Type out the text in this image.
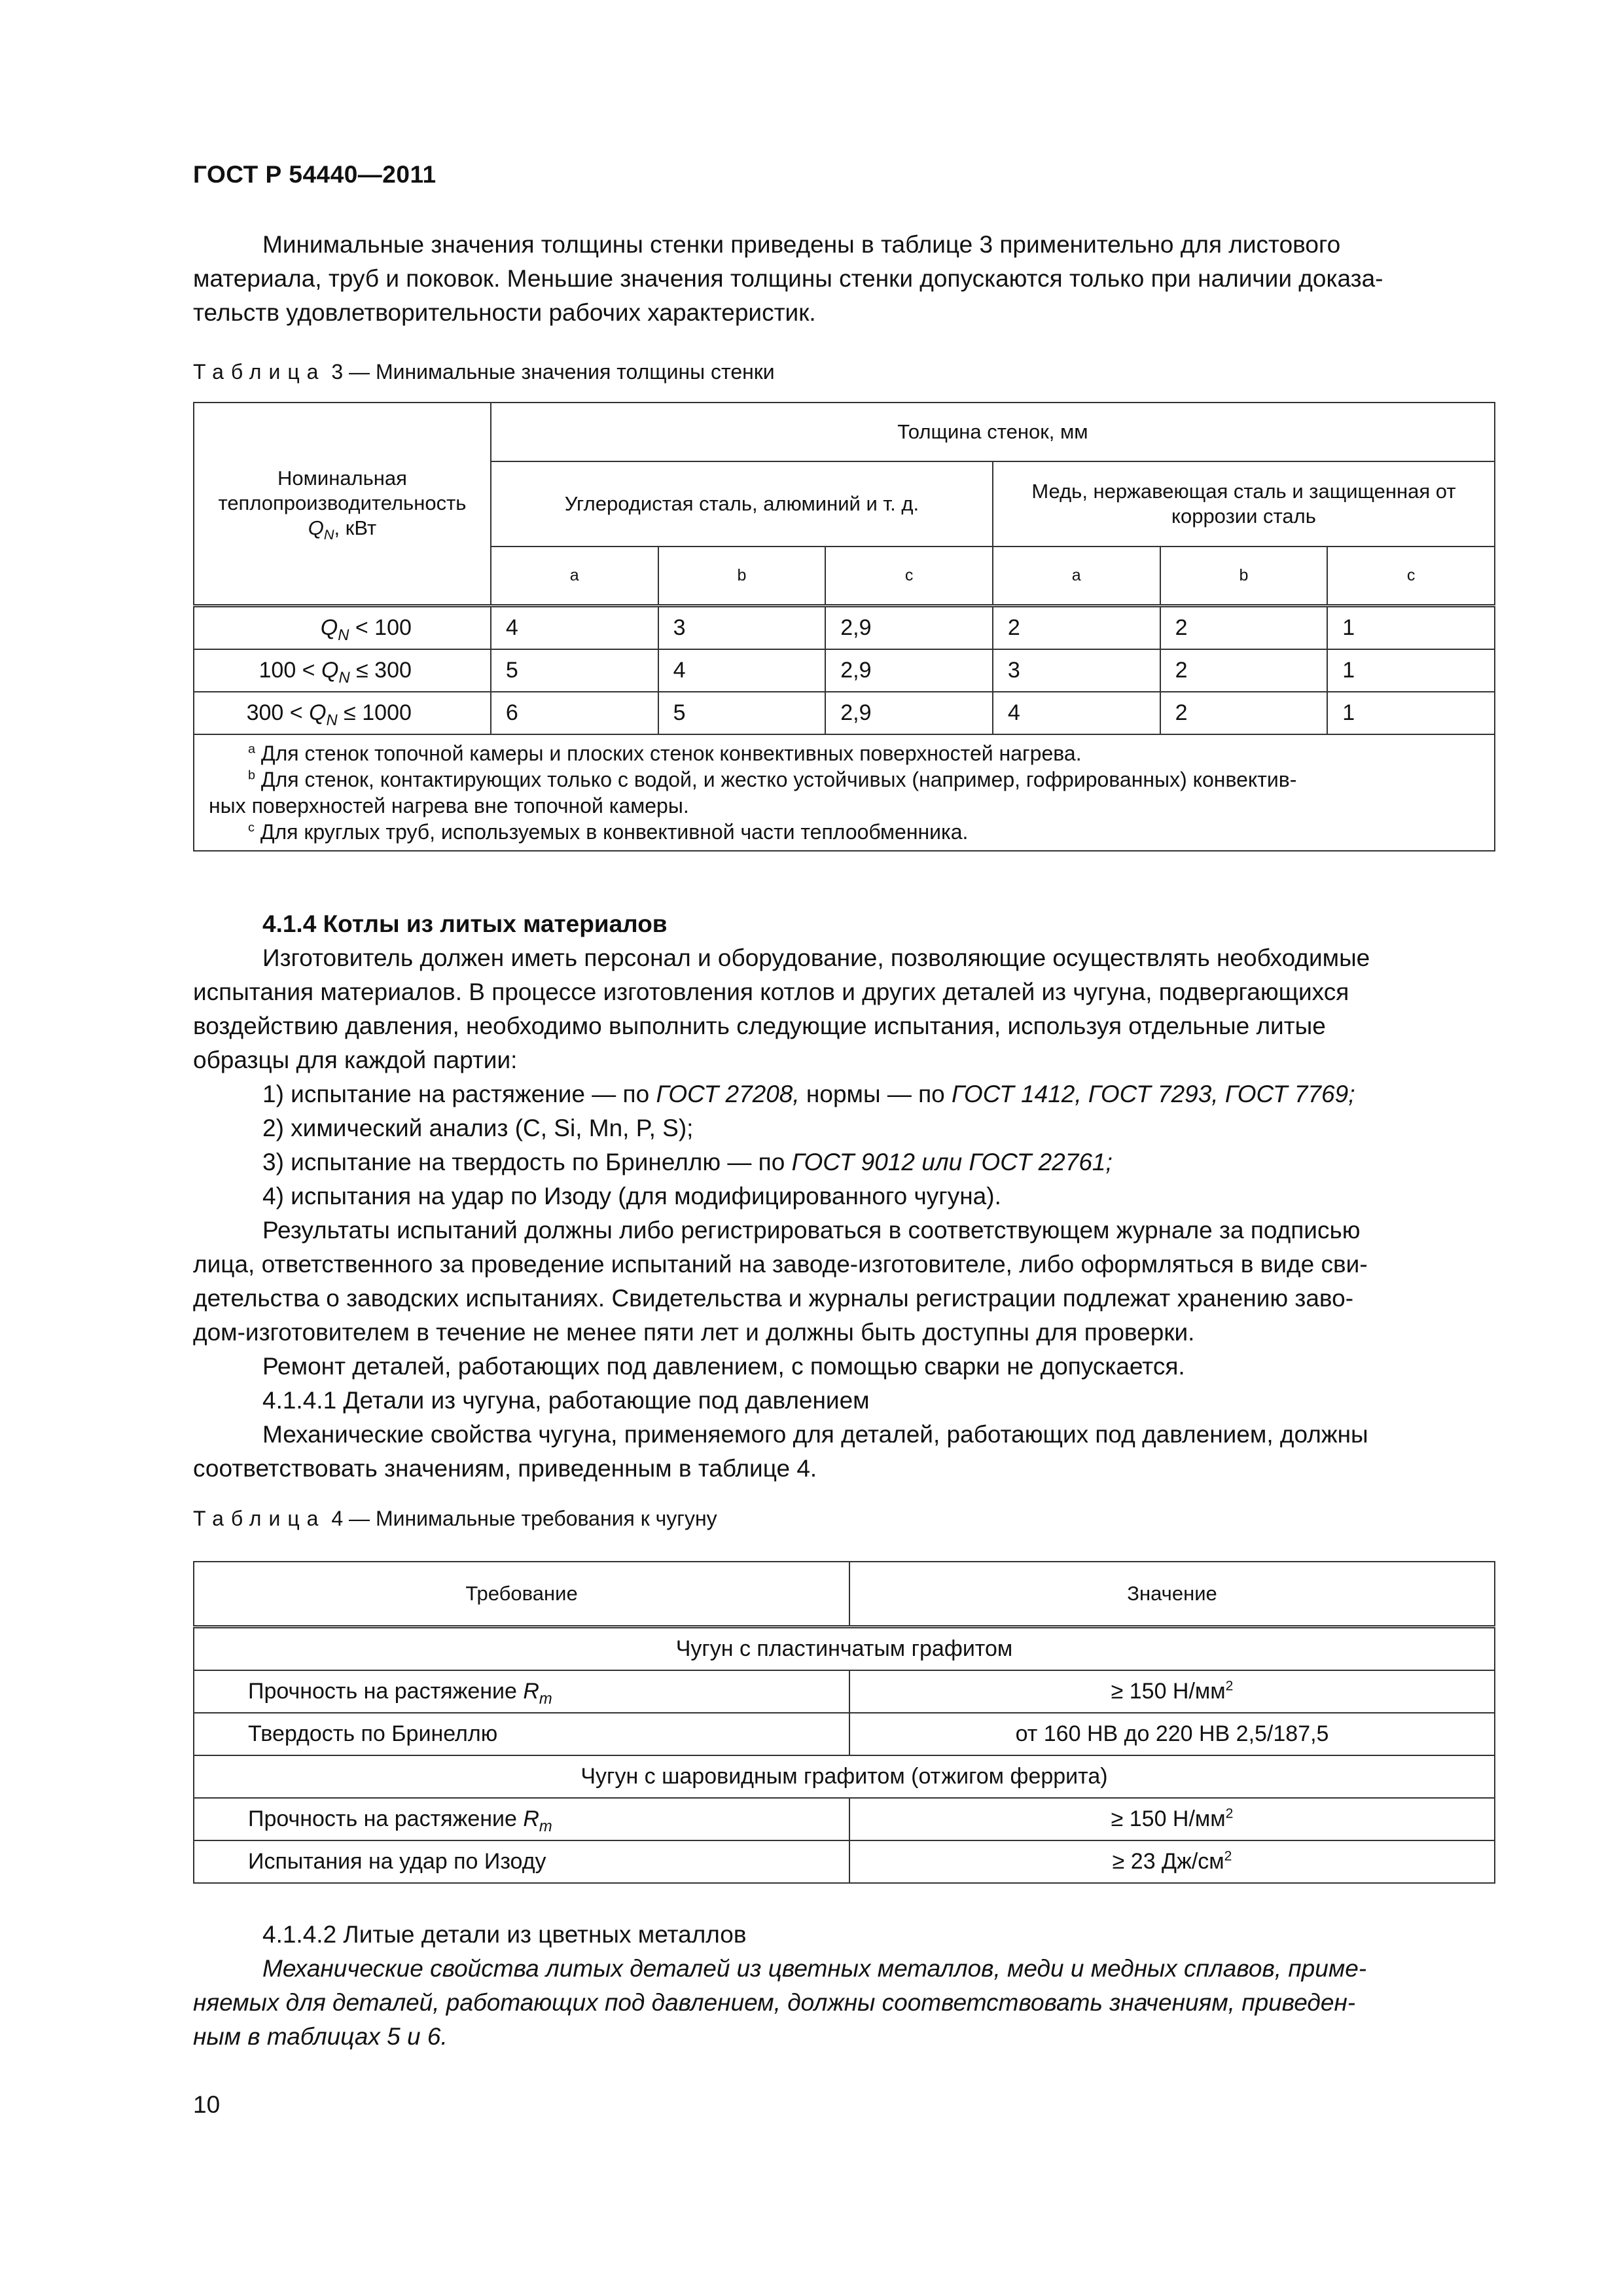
ГОСТ Р 54440—2011
Минимальные значения толщины стенки приведены в таблице 3 применительно для листового
материала, труб и поковок. Меньшие значения толщины стенки допускаются только при наличии доказа-
тельств удовлетворительности рабочих характеристик.
Таблица 3 — Минимальные значения толщины стенки
Номинальная
теплопроизводительность
$Q_N$, кВт	Толщина стенок, мм					
	Углеродистая сталь, алюминий и т. д.			Медь, нержавеющая сталь и защищенная от
коррозии сталь		
	a	b	c	a	b	c
$Q_N < 100$	4	3	2,9	2	2	1
$100 < Q_N \le 300$	5	4	2,9	3	2	1
$300 < Q_N \le 1000$	6	5	2,9	4	2	1

$^a$ Для стенок топочной камеры и плоских стенок конвективных поверхностей нагрева.
$^b$ Для стенок, контактирующих только с водой, и жестко устойчивых (например, гофрированных) конвектив-
ных поверхностей нагрева вне топочной камеры.
$^c$ Для круглых труб, используемых в конвективной части теплообменника.						
4.1.4 Котлы из литых материалов
Изготовитель должен иметь персонал и оборудование, позволяющие осуществлять необходимые
испытания материалов. В процессе изготовления котлов и других деталей из чугуна, подвергающихся
воздействию давления, необходимо выполнить следующие испытания, используя отдельные литые
образцы для каждой партии:
1) испытание на растяжение — по ГОСТ 27208, нормы — по ГОСТ 1412, ГОСТ 7293, ГОСТ 7769;
2) химический анализ (C, Si, Mn, P, S);
3) испытание на твердость по Бринеллю — по ГОСТ 9012 или ГОСТ 22761;
4) испытания на удар по Изоду (для модифицированного чугуна).
Результаты испытаний должны либо регистрироваться в соответствующем журнале за подписью
лица, ответственного за проведение испытаний на заводе-изготовителе, либо оформляться в виде сви-
детельства о заводских испытаниях. Свидетельства и журналы регистрации подлежат хранению заво-
дом-изготовителем в течение не менее пяти лет и должны быть доступны для проверки.
Ремонт деталей, работающих под давлением, с помощью сварки не допускается.
4.1.4.1 Детали из чугуна, работающие под давлением
Механические свойства чугуна, применяемого для деталей, работающих под давлением, должны
соответствовать значениям, приведенным в таблице 4.
Таблица 4 — Минимальные требования к чугуну
Требование	Значение
Чугун с пластинчатым графитом	
Прочность на растяжение $R_m$	≥ 150 $Н/мм^2$
Твердость по Бринеллю	от 160 НВ до 220 НВ 2,5/187,5
Чугун с шаровидным графитом (отжигом феррита)	
Прочность на растяжение $R_m$	≥ 150 $Н/мм^2$
Испытания на удар по Изоду	≥ 23 $Дж/см^2$
4.1.4.2 Литые детали из цветных металлов
Механические свойства литых деталей из цветных металлов, меди и медных сплавов, приме-
няемых для деталей, работающих под давлением, должны соответствовать значениям, приведен-
ным в таблицах 5 и 6.
10
